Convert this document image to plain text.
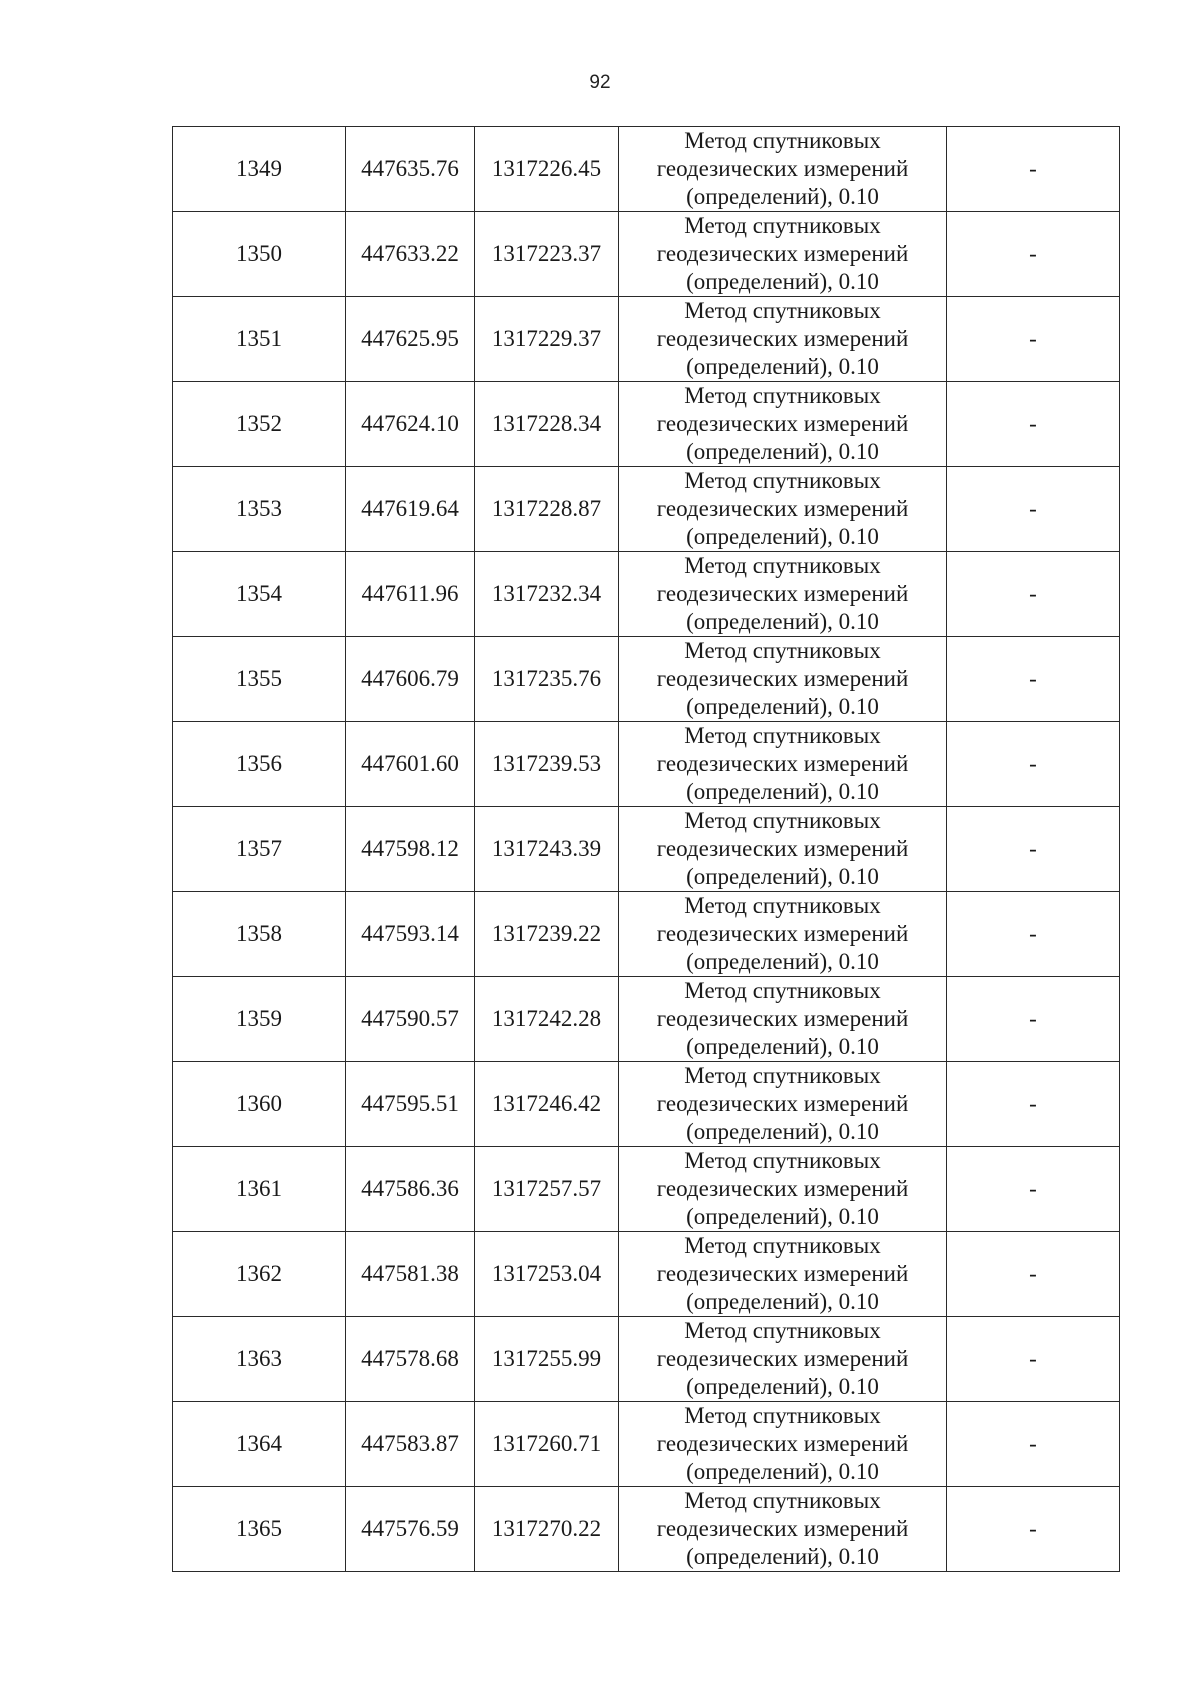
92
1349	447635.76	1317226.45	Метод спутниковых
геодезических измерений
(определений), 0.10	-
1350	447633.22	1317223.37	Метод спутниковых
геодезических измерений
(определений), 0.10	-
1351	447625.95	1317229.37	Метод спутниковых
геодезических измерений
(определений), 0.10	-
1352	447624.10	1317228.34	Метод спутниковых
геодезических измерений
(определений), 0.10	-
1353	447619.64	1317228.87	Метод спутниковых
геодезических измерений
(определений), 0.10	-
1354	447611.96	1317232.34	Метод спутниковых
геодезических измерений
(определений), 0.10	-
1355	447606.79	1317235.76	Метод спутниковых
геодезических измерений
(определений), 0.10	-
1356	447601.60	1317239.53	Метод спутниковых
геодезических измерений
(определений), 0.10	-
1357	447598.12	1317243.39	Метод спутниковых
геодезических измерений
(определений), 0.10	-
1358	447593.14	1317239.22	Метод спутниковых
геодезических измерений
(определений), 0.10	-
1359	447590.57	1317242.28	Метод спутниковых
геодезических измерений
(определений), 0.10	-
1360	447595.51	1317246.42	Метод спутниковых
геодезических измерений
(определений), 0.10	-
1361	447586.36	1317257.57	Метод спутниковых
геодезических измерений
(определений), 0.10	-
1362	447581.38	1317253.04	Метод спутниковых
геодезических измерений
(определений), 0.10	-
1363	447578.68	1317255.99	Метод спутниковых
геодезических измерений
(определений), 0.10	-
1364	447583.87	1317260.71	Метод спутниковых
геодезических измерений
(определений), 0.10	-
1365	447576.59	1317270.22	Метод спутниковых
геодезических измерений
(определений), 0.10	-
